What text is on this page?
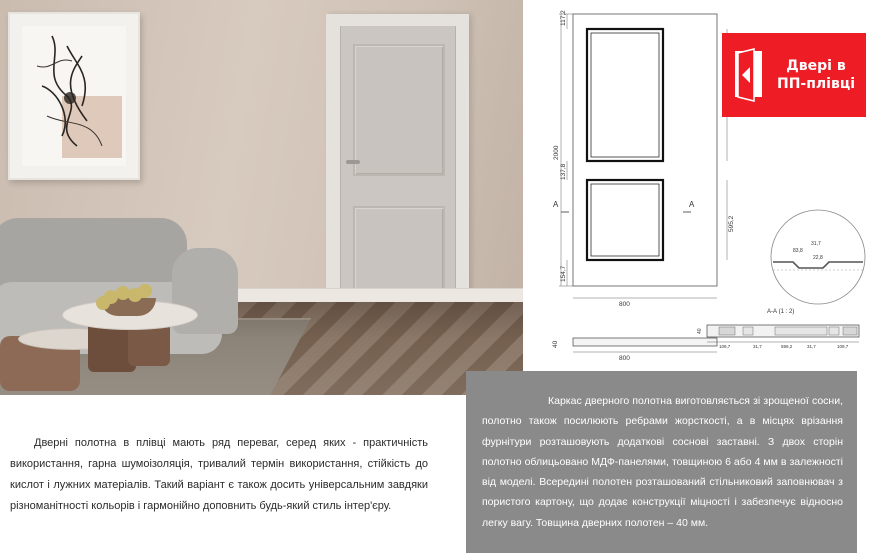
117,2
2000
137,8
154,7
595,2
A	A
800
40
800
31,7
83,8
22,8
А-А (1 : 2)
40
109,7	31,7	599,2	31,7	109,7
Двері в ПП-плівці

Дверні полотна в плівці мають ряд переваг, серед яких - практичність використання, гарна шумоізоляція, тривалий термін використання, стійкість до кислот і лужних матеріалів. Такий варіант є також досить універсальним завдяки різноманітності кольорів і гармонійно доповнить будь-який стиль інтер'єру.

Каркас дверного полотна виготовляється зі зрощеної сосни, полотно також посилюють ребрами жорсткості, а в місцях врізання фурнітури розташовують додаткові соснові заставні. З двох сторін полотно облицьовано МДФ-панелями, товщиною 6 або 4 мм в залежності від моделі. Всередині полотен розташований стільниковий заповнювач з пористого картону, що додає конструкції міцності і забезпечує відносно легку вагу. Товщина дверних полотен – 40 мм.
